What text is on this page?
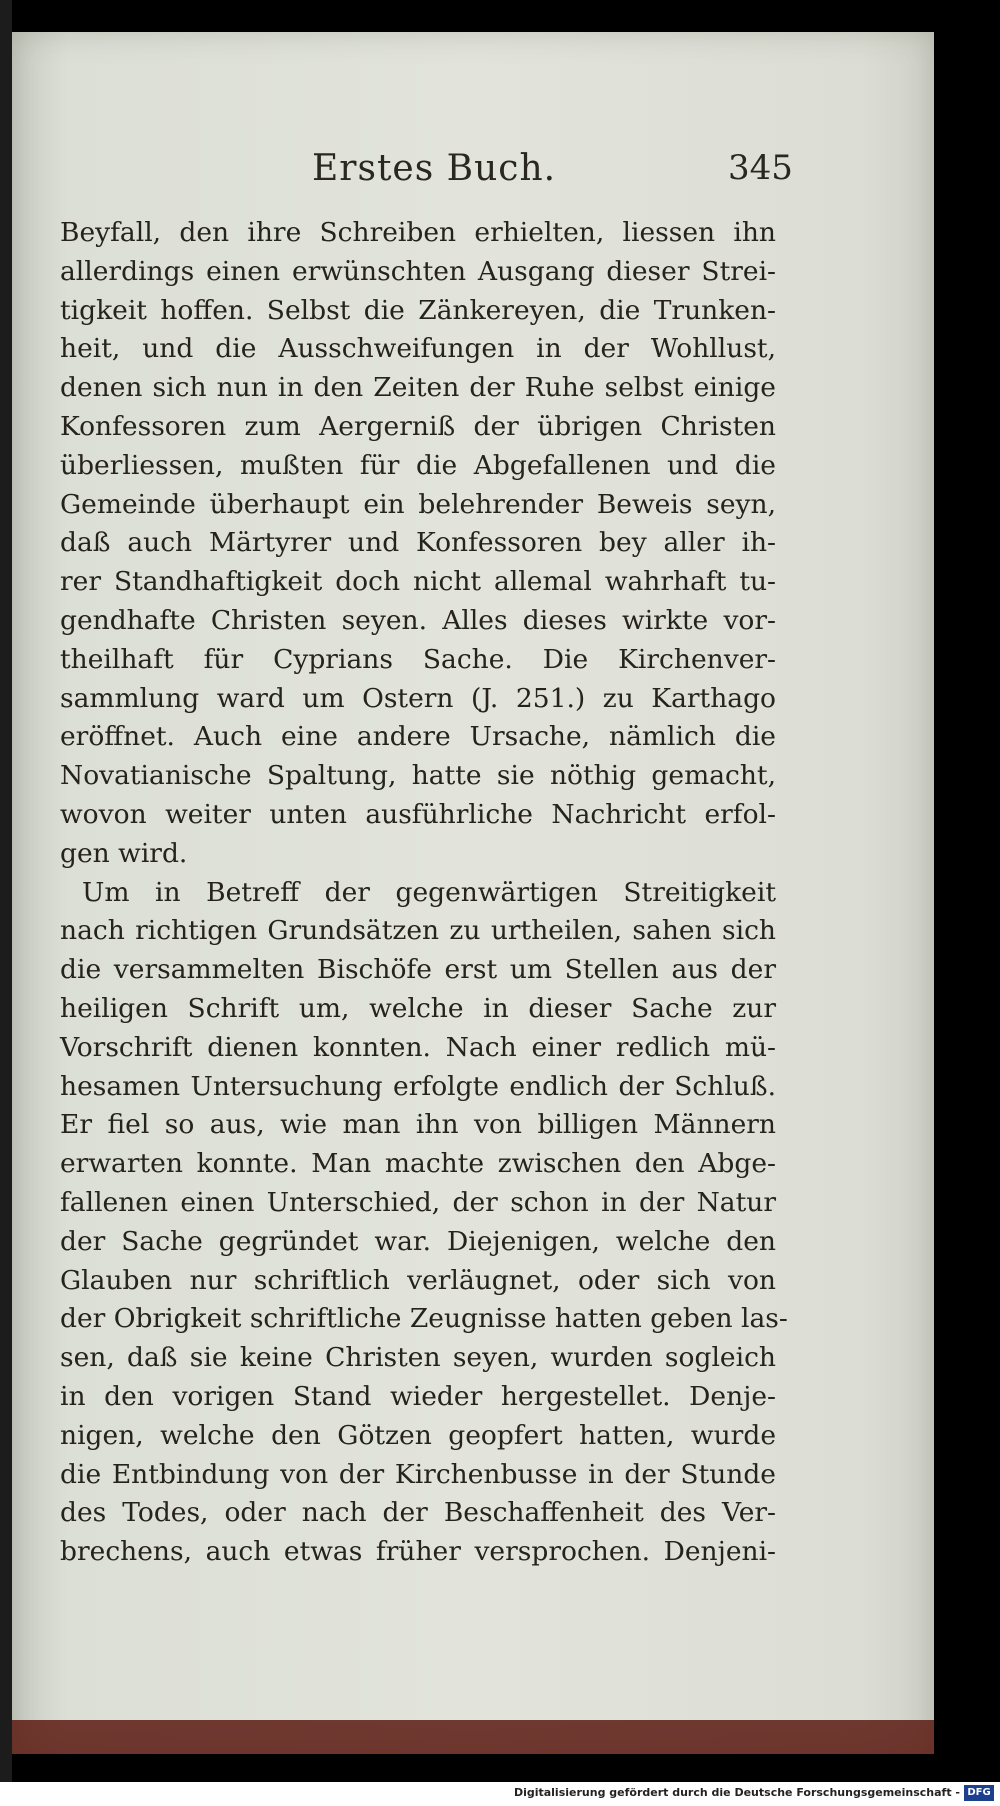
Erstes Buch.	345
Beyfall, den ihre Schreiben erhielten, liessen ihn
allerdings einen erwünschten Ausgang dieser Strei-
tigkeit hoffen. Selbst die Zänkereyen, die Trunken-
heit, und die Ausschweifungen in der Wohllust,
denen sich nun in den Zeiten der Ruhe selbst einige
Konfessoren zum Aergerniß der übrigen Christen
überliessen, mußten für die Abgefallenen und die
Gemeinde überhaupt ein belehrender Beweis seyn,
daß auch Märtyrer und Konfessoren bey aller ih-
rer Standhaftigkeit doch nicht allemal wahrhaft tu-
gendhafte Christen seyen. Alles dieses wirkte vor-
theilhaft für Cyprians Sache. Die Kirchenver-
sammlung ward um Ostern (J. 251.) zu Karthago
eröffnet. Auch eine andere Ursache, nämlich die
Novatianische Spaltung, hatte sie nöthig gemacht,
wovon weiter unten ausführliche Nachricht erfol-
gen wird.
Um in Betreff der gegenwärtigen Streitigkeit
nach richtigen Grundsätzen zu urtheilen, sahen sich
die versammelten Bischöfe erst um Stellen aus der
heiligen Schrift um, welche in dieser Sache zur
Vorschrift dienen konnten. Nach einer redlich mü-
hesamen Untersuchung erfolgte endlich der Schluß.
Er fiel so aus, wie man ihn von billigen Männern
erwarten konnte. Man machte zwischen den Abge-
fallenen einen Unterschied, der schon in der Natur
der Sache gegründet war. Diejenigen, welche den
Glauben nur schriftlich verläugnet, oder sich von
der Obrigkeit schriftliche Zeugnisse hatten geben las-
sen, daß sie keine Christen seyen, wurden sogleich
in den vorigen Stand wieder hergestellet. Denje-
nigen, welche den Götzen geopfert hatten, wurde
die Entbindung von der Kirchenbusse in der Stunde
des Todes, oder nach der Beschaffenheit des Ver-
brechens, auch etwas früher versprochen. Denjeni-
Digitalisierung gefördert durch die Deutsche Forschungsgemeinschaft - DFG
